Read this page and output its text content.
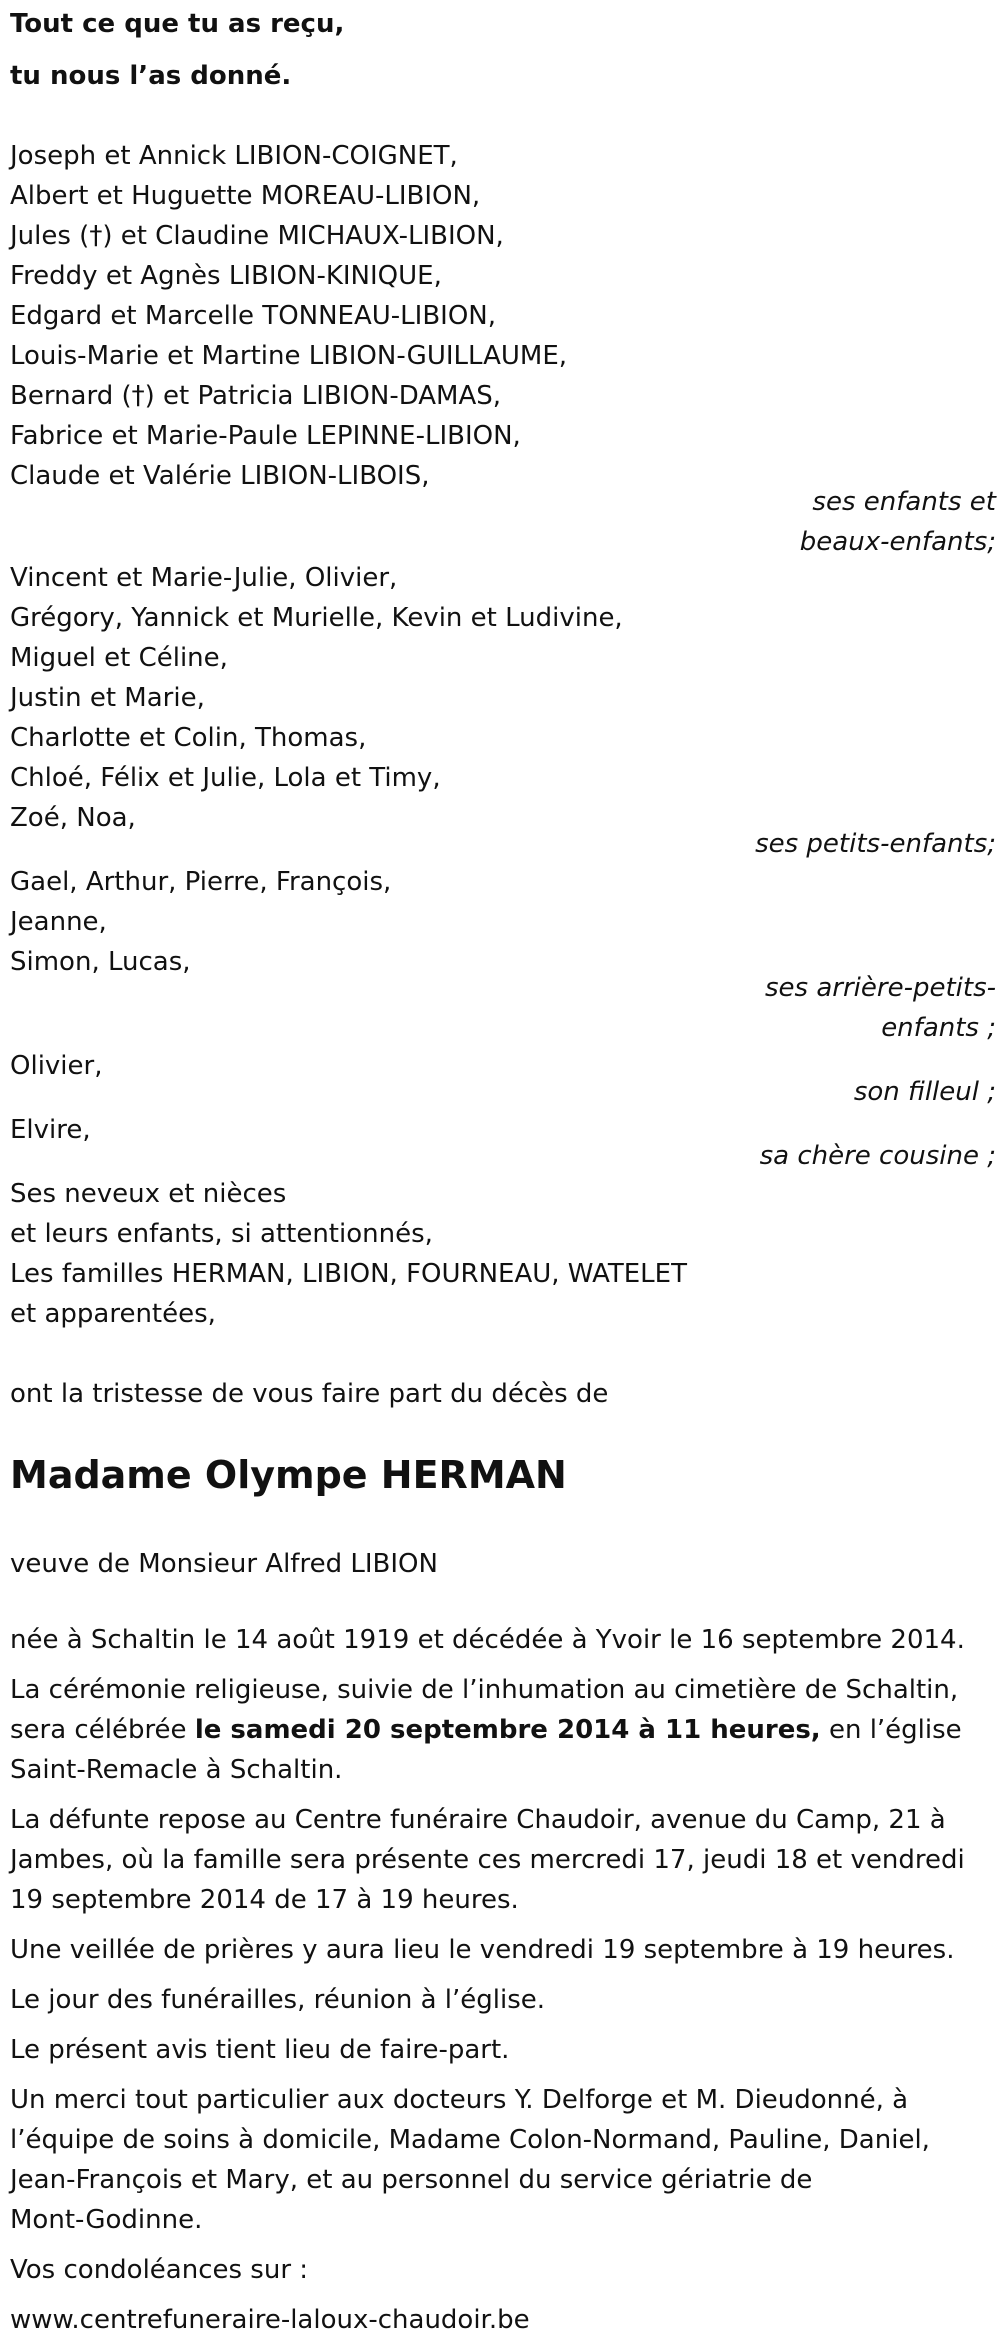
Tout ce que tu as reçu,
tu nous l’as donné.
Joseph et Annick LIBION-COIGNET,
Albert et Huguette MOREAU-LIBION,
Jules (†) et Claudine MICHAUX-LIBION,
Freddy et Agnès LIBION-KINIQUE,
Edgard et Marcelle TONNEAU-LIBION,
Louis-Marie et Martine LIBION-GUILLAUME,
Bernard (†) et Patricia LIBION-DAMAS,
Fabrice et Marie-Paule LEPINNE-LIBION,
Claude et Valérie LIBION-LIBOIS,
ses enfants et
beaux-enfants;
Vincent et Marie-Julie, Olivier,
Grégory, Yannick et Murielle, Kevin et Ludivine,
Miguel et Céline,
Justin et Marie,
Charlotte et Colin, Thomas,
Chloé, Félix et Julie, Lola et Timy,
Zoé, Noa,
ses petits-enfants;
Gael, Arthur, Pierre, François,
Jeanne,
Simon, Lucas,
ses arrière-petits-
enfants ;
Olivier,
son filleul ;
Elvire,
sa chère cousine ;
Ses neveux et nièces
et leurs enfants, si attentionnés,
Les familles HERMAN, LIBION, FOURNEAU, WATELET
et apparentées,
ont la tristesse de vous faire part du décès de
Madame Olympe HERMAN
veuve de Monsieur Alfred LIBION
née à Schaltin le 14 août 1919 et décédée à Yvoir le 16 septembre 2014.
La cérémonie religieuse, suivie de l’inhumation au cimetière de Schaltin,
sera célébrée le samedi 20 septembre 2014 à 11 heures, en l’église
Saint-Remacle à Schaltin.
La défunte repose au Centre funéraire Chaudoir, avenue du Camp, 21 à
Jambes, où la famille sera présente ces mercredi 17, jeudi 18 et vendredi
19 septembre 2014 de 17 à 19 heures.
Une veillée de prières y aura lieu le vendredi 19 septembre à 19 heures.
Le jour des funérailles, réunion à l’église.
Le présent avis tient lieu de faire-part.
Un merci tout particulier aux docteurs Y. Delforge et M. Dieudonné, à
l’équipe de soins à domicile, Madame Colon-Normand, Pauline, Daniel,
Jean-François et Mary, et au personnel du service gériatrie de
Mont-Godinne.
Vos condoléances sur :
www.centrefuneraire-laloux-chaudoir.be
